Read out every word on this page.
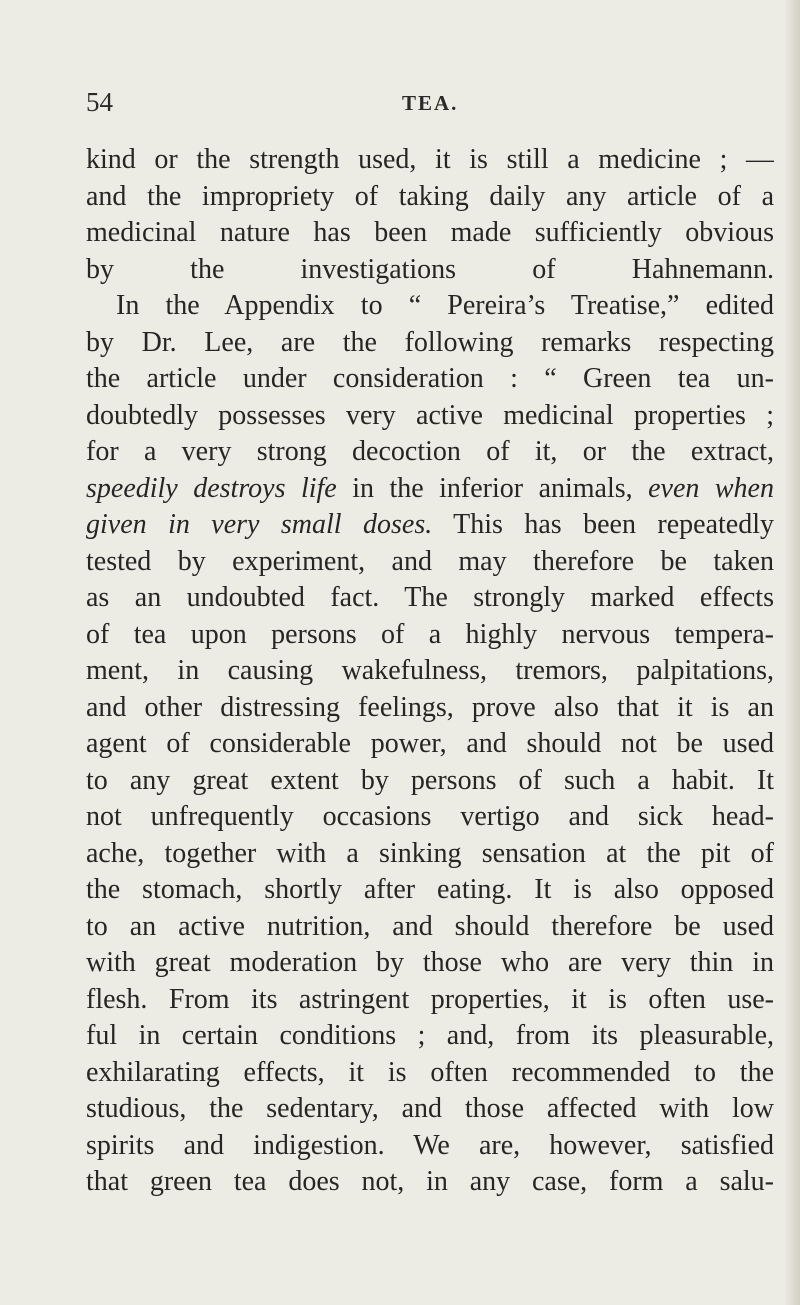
54	TEA.
kind or the strength used, it is still a medicine ; —
and the impropriety of taking daily any article of a
medicinal nature has been made sufficiently obvious
by the investigations of Hahnemann.
In the Appendix to “ Pereira’s Treatise,” edited
by Dr. Lee, are the following remarks respecting
the article under consideration : “ Green tea un-
doubtedly possesses very active medicinal properties ;
for a very strong decoction of it, or the extract,
speedily destroys life in the inferior animals, even when
given in very small doses. This has been repeatedly
tested by experiment, and may therefore be taken
as an undoubted fact. The strongly marked effects
of tea upon persons of a highly nervous tempera-
ment, in causing wakefulness, tremors, palpitations,
and other distressing feelings, prove also that it is an
agent of considerable power, and should not be used
to any great extent by persons of such a habit. It
not unfrequently occasions vertigo and sick head-
ache, together with a sinking sensation at the pit of
the stomach, shortly after eating. It is also opposed
to an active nutrition, and should therefore be used
with great moderation by those who are very thin in
flesh. From its astringent properties, it is often use-
ful in certain conditions ; and, from its pleasurable,
exhilarating effects, it is often recommended to the
studious, the sedentary, and those affected with low
spirits and indigestion. We are, however, satisfied
that green tea does not, in any case, form a salu-
